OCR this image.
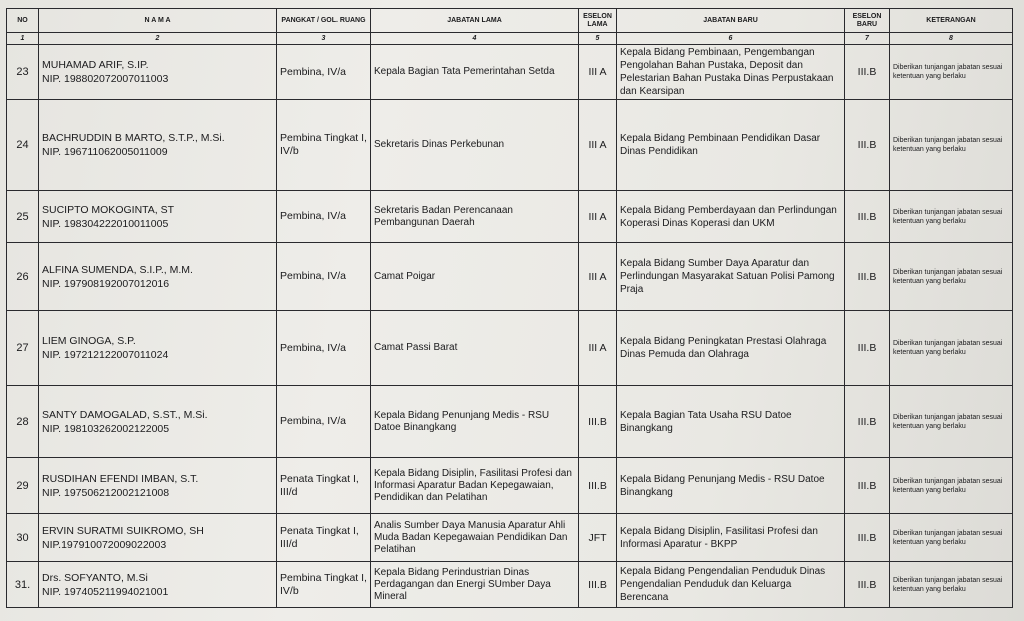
NO	N A M A	PANGKAT / GOL. RUANG	JABATAN LAMA	ESELON LAMA	JABATAN BARU	ESELON BARU	KETERANGAN
1	2	3	4	5	6	7	8
23	MUHAMAD ARIF, S.IP.
NIP. 198802072007011003	Pembina, IV/a	Kepala Bagian Tata Pemerintahan Setda	III A	Kepala Bidang Pembinaan, Pengembangan Pengolahan Bahan Pustaka, Deposit dan Pelestarian Bahan Pustaka Dinas Perpustakaan dan Kearsipan	III.B	Diberikan tunjangan jabatan sesuai ketentuan yang berlaku
24	BACHRUDDIN B MARTO, S.T.P., M.Si.
NIP. 196711062005011009	Pembina Tingkat I, IV/b	Sekretaris Dinas Perkebunan	III A	Kepala Bidang Pembinaan Pendidikan Dasar Dinas Pendidikan	III.B	Diberikan tunjangan jabatan sesuai ketentuan yang berlaku
25	SUCIPTO MOKOGINTA, ST
NIP. 198304222010011005	Pembina, IV/a	Sekretaris Badan Perencanaan Pembangunan Daerah	III A	Kepala Bidang Pemberdayaan dan Perlindungan Koperasi Dinas Koperasi dan UKM	III.B	Diberikan tunjangan jabatan sesuai ketentuan yang berlaku
26	ALFINA SUMENDA, S.I.P., M.M.
NIP. 197908192007012016	Pembina, IV/a	Camat Poigar	III A	Kepala Bidang Sumber Daya Aparatur dan Perlindungan Masyarakat Satuan Polisi Pamong Praja	III.B	Diberikan tunjangan jabatan sesuai ketentuan yang berlaku
27	LIEM GINOGA, S.P.
NIP. 197212122007011024	Pembina, IV/a	Camat Passi Barat	III A	Kepala Bidang Peningkatan Prestasi Olahraga Dinas Pemuda dan Olahraga	III.B	Diberikan tunjangan jabatan sesuai ketentuan yang berlaku
28	SANTY DAMOGALAD, S.ST., M.Si.
NIP. 198103262002122005	Pembina, IV/a	Kepala Bidang Penunjang Medis - RSU Datoe Binangkang	III.B	Kepala Bagian Tata Usaha RSU Datoe Binangkang	III.B	Diberikan tunjangan jabatan sesuai ketentuan yang berlaku
29	RUSDIHAN EFENDI IMBAN, S.T.
NIP. 197506212002121008	Penata Tingkat I, III/d	Kepala Bidang Disiplin, Fasilitasi Profesi dan Informasi Aparatur Badan Kepegawaian, Pendidikan dan Pelatihan	III.B	Kepala Bidang Penunjang Medis - RSU Datoe Binangkang	III.B	Diberikan tunjangan jabatan sesuai ketentuan yang berlaku
30	ERVIN SURATMI SUIKROMO, SH
NIP.197910072009022003	Penata Tingkat I, III/d	Analis Sumber Daya Manusia Aparatur Ahli Muda Badan Kepegawaian Pendidikan Dan Pelatihan	JFT	Kepala Bidang Disiplin, Fasilitasi Profesi dan Informasi Aparatur - BKPP	III.B	Diberikan tunjangan jabatan sesuai ketentuan yang berlaku
31.	Drs. SOFYANTO, M.Si
NIP. 197405211994021001	Pembina Tingkat I, IV/b	Kepala Bidang Perindustrian Dinas Perdagangan dan Energi SUmber Daya Mineral	III.B	Kepala Bidang Pengendalian Penduduk Dinas Pengendalian Penduduk dan Keluarga Berencana	III.B	Diberikan tunjangan jabatan sesuai ketentuan yang berlaku
